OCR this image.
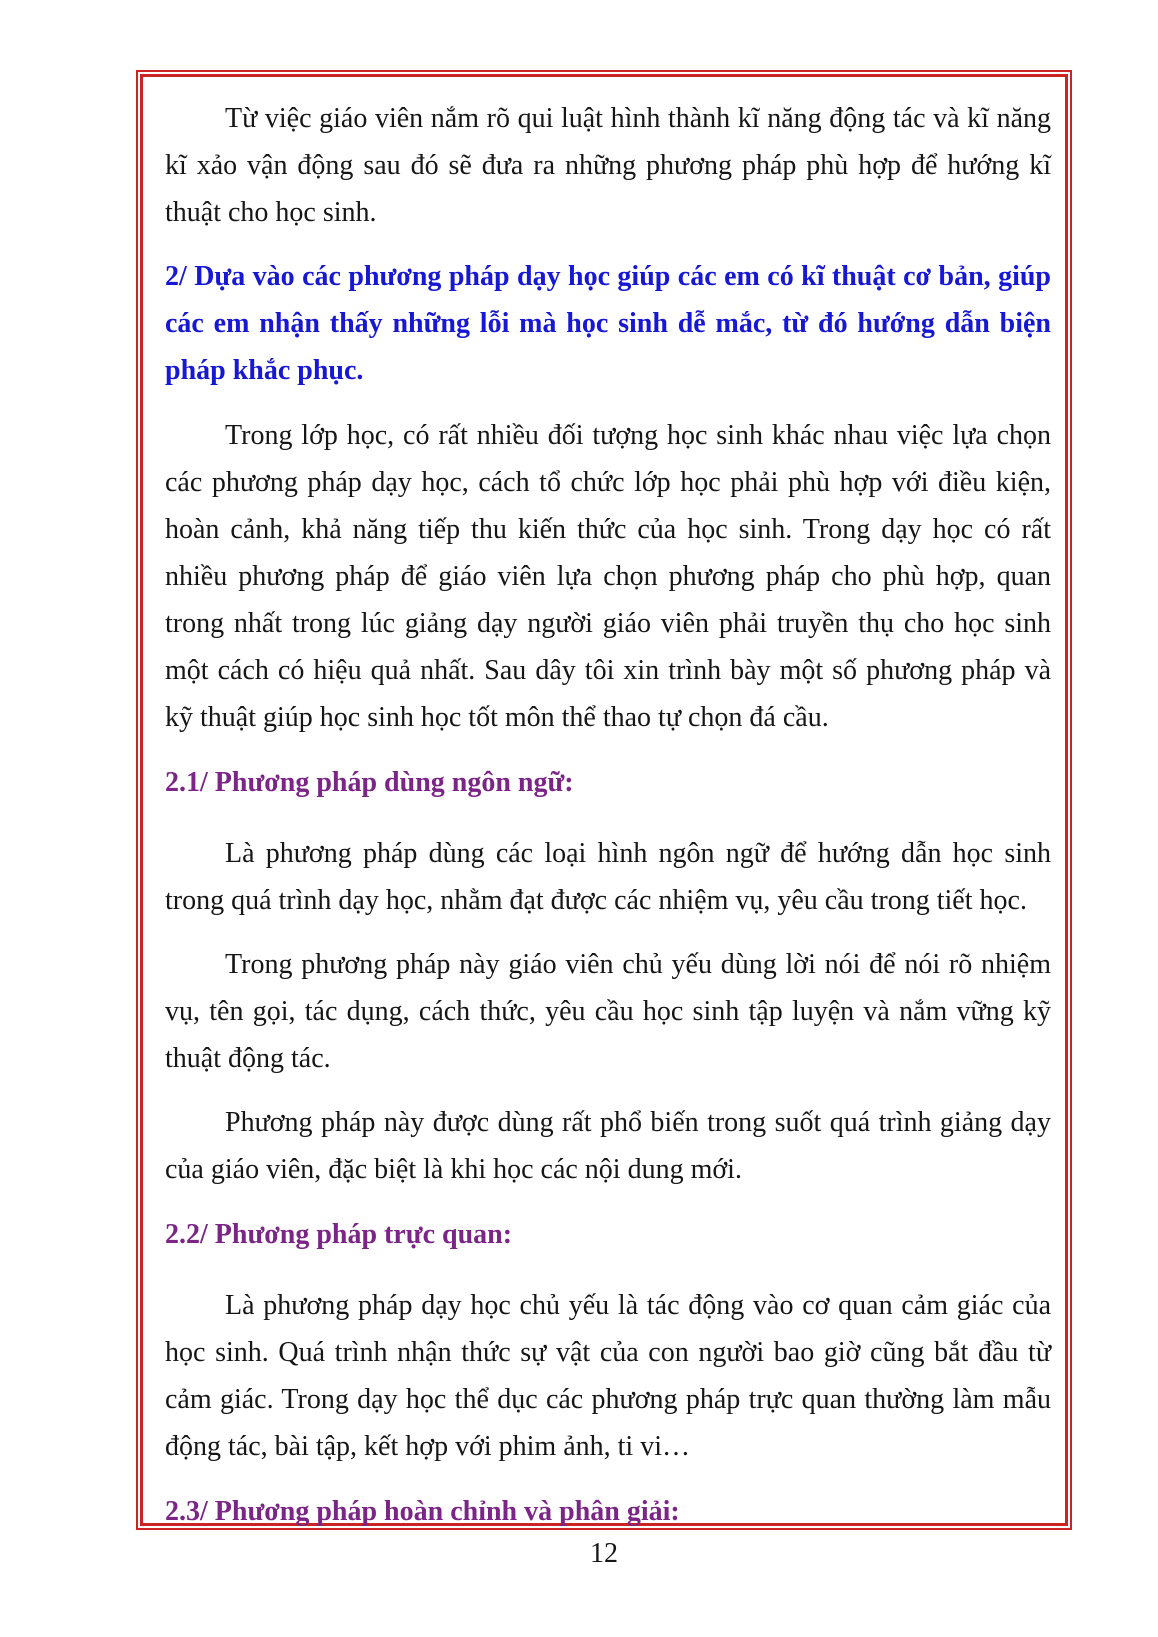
Từ việc giáo viên nắm rõ qui luật hình thành kĩ năng động tác và kĩ năng kĩ xảo vận động sau đó sẽ đưa ra những phương pháp phù hợp để hướng kĩ thuật cho học sinh.

2/ Dựa vào các phương pháp dạy học giúp các em có kĩ thuật cơ bản, giúp các em nhận thấy những lỗi mà học sinh dễ mắc, từ đó hướng dẫn biện pháp khắc phục.

Trong lớp học, có rất nhiều đối tượng học sinh khác nhau việc lựa chọn các phương pháp dạy học, cách tổ chức lớp học phải phù hợp với điều kiện, hoàn cảnh, khả năng tiếp thu kiến thức của học sinh. Trong dạy học có rất nhiều phương pháp để giáo viên lựa chọn phương pháp cho phù hợp, quan trong nhất trong lúc giảng dạy người giáo viên phải truyền thụ cho học sinh một cách có hiệu quả nhất. Sau dây tôi xin trình bày một số phương pháp và kỹ thuật giúp học sinh học tốt môn thể thao tự chọn đá cầu.

2.1/ Phương pháp dùng ngôn ngữ:

Là phương pháp dùng các loại hình ngôn ngữ để hướng dẫn học sinh trong quá trình dạy học, nhằm đạt được các nhiệm vụ, yêu cầu trong tiết học.

Trong phương pháp này giáo viên chủ yếu dùng lời nói để nói rõ nhiệm vụ, tên gọi, tác dụng, cách thức, yêu cầu học sinh tập luyện và nắm vững kỹ thuật động tác.

Phương pháp này được dùng rất phổ biến trong suốt quá trình giảng dạy của giáo viên, đặc biệt là khi học các nội dung mới.

2.2/ Phương pháp trực quan:

Là phương pháp dạy học chủ yếu là tác động vào cơ quan cảm giác của học sinh. Quá trình nhận thức sự vật của con người bao giờ cũng bắt đầu từ cảm giác. Trong dạy học thể dục các phương pháp trực quan thường làm mẫu động tác, bài tập, kết hợp với phim ảnh, ti vi…

2.3/ Phương pháp hoàn chỉnh và phân giải:
12
